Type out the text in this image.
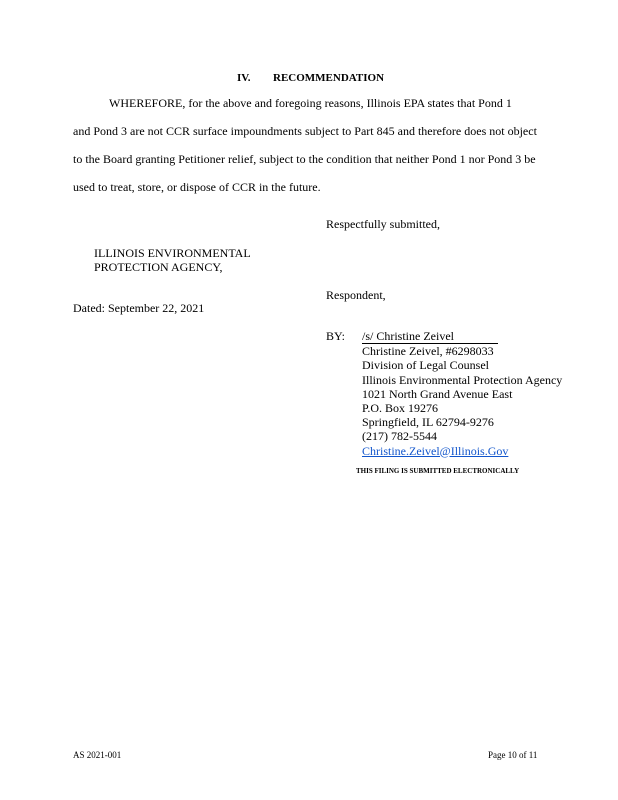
IV. RECOMMENDATION
WHEREFORE, for the above and foregoing reasons, Illinois EPA states that Pond 1
and Pond 3 are not CCR surface impoundments subject to Part 845 and therefore does not object
to the Board granting Petitioner relief, subject to the condition that neither Pond 1 nor Pond 3 be
used to treat, store, or dispose of CCR in the future.
Respectfully submitted,
ILLINOIS ENVIRONMENTAL
PROTECTION AGENCY,
Respondent,
Dated: September 22, 2021
BY: /s/ Christine Zeivel
Christine Zeivel, #6298033
Division of Legal Counsel
Illinois Environmental Protection Agency
1021 North Grand Avenue East
P.O. Box 19276
Springfield, IL 62794-9276
(217) 782-5544
Christine.Zeivel@Illinois.Gov
THIS FILING IS SUBMITTED ELECTRONICALLY
AS 2021-001	Page 10 of 11
